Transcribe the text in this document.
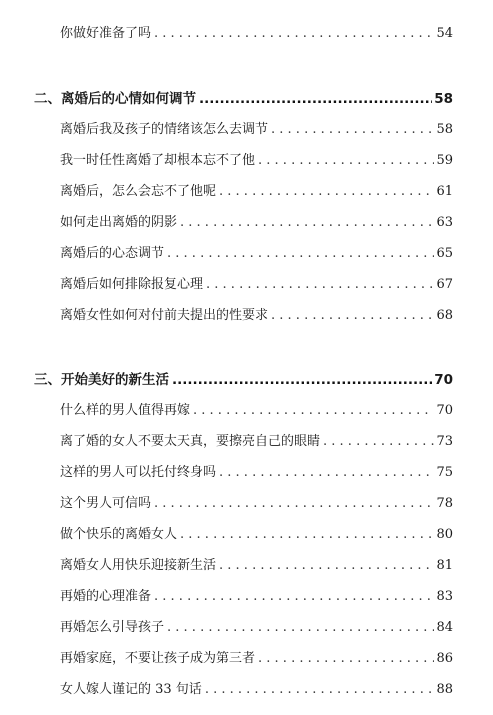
你做好准备了吗 . . .	54
二、离婚后的心情如何调节 .....	58
离婚后我及孩子的情绪该怎么去调节 . . .	58
我一时任性离婚了却根本忘不了他 . . .	59
离婚后，怎么会忘不了他呢 . . .	61
如何走出离婚的阴影 . . .	63
离婚后的心态调节 . . .	65
离婚后如何排除报复心理 . . .	67
离婚女性如何对付前夫提出的性要求 . . .	68
三、开始美好的新生活 .....	70
什么样的男人值得再嫁 . . .	70
离了婚的女人不要太天真，要擦亮自己的眼睛 . . .	73
这样的男人可以托付终身吗 . . .	75
这个男人可信吗 . . .	78
做个快乐的离婚女人 . . .	80
离婚女人用快乐迎接新生活 . . .	81
再婚的心理准备 . . .	83
再婚怎么引导孩子 . . .	84
再婚家庭，不要让孩子成为第三者 . . .	86
女人嫁人谨记的 33 句话 . . .	88
